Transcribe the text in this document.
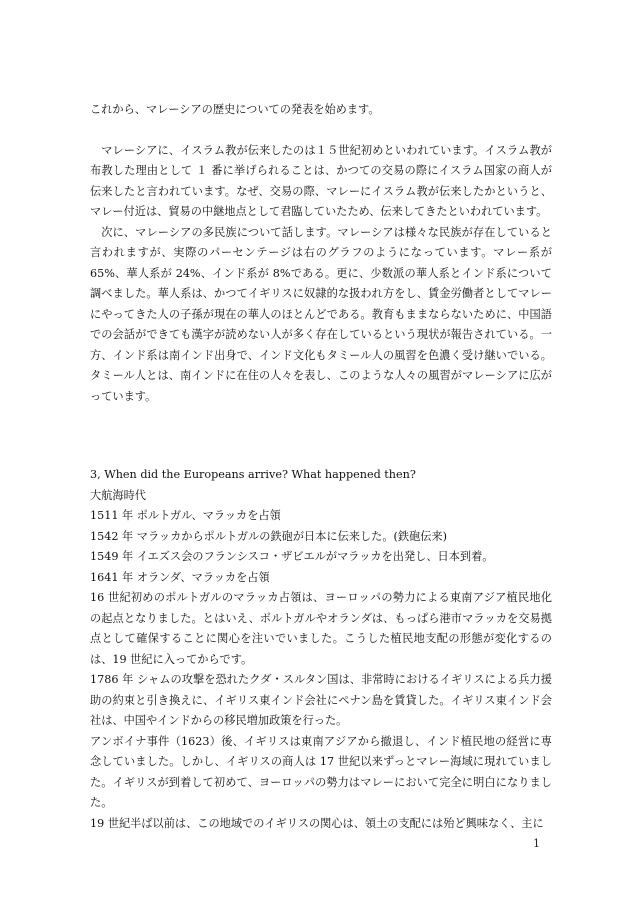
これから、マレーシアの歴史についての発表を始めます。

マレーシアに、イスラム教が伝来したのは１５世紀初めといわれています。イスラム教が布教した理由として １ 番に挙げられることは、かつての交易の際にイスラム国家の商人が伝来したと言われています。なぜ、交易の際、マレーにイスラム教が伝来したかというと、マレー付近は、貿易の中継地点として君臨していたため、伝来してきたといわれています。

次に、マレーシアの多民族について話します。マレーシアは様々な民族が存在していると言われますが、実際のパーセンテージは右のグラフのようになっています。マレー系が 65%、華人系が 24%、インド系が 8%である。更に、少数派の華人系とインド系について調べました。華人系は、かつてイギリスに奴隷的な扱われ方をし、賃金労働者としてマレーにやってきた人の子孫が現在の華人のほとんどである。教育もままならないために、中国語での会話ができても漢字が読めない人が多く存在しているという現状が報告されている。一方、インド系は南インド出身で、インド文化もタミール人の風習を色濃く受け継いでいる。タミール人とは、南インドに在住の人々を表し、このような人々の風習がマレーシアに広がっています。

3, When did the Europeans arrive? What happened then?

大航海時代

1511 年 ポルトガル、マラッカを占領

1542 年 マラッカからポルトガルの鉄砲が日本に伝来した。(鉄砲伝来)

1549 年 イエズス会のフランシスコ・ザビエルがマラッカを出発し、日本到着。

1641 年 オランダ、マラッカを占領

16 世紀初めのポルトガルのマラッカ占領は、ヨーロッパの勢力による東南アジア植民地化の起点となりました。とはいえ、ポルトガルやオランダは、もっぱら港市マラッカを交易拠点として確保することに関心を注いでいました。こうした植民地支配の形態が変化するのは、19 世紀に入ってからです。

1786 年 シャムの攻撃を恐れたクダ・スルタン国は、非常時におけるイギリスによる兵力援助の約束と引き換えに、イギリス東インド会社にペナン島を賃貸した。イギリス東インド会社は、中国やインドからの移民増加政策を行った。

アンボイナ事件（1623）後、イギリスは東南アジアから撤退し、インド植民地の経営に専念していました。しかし、イギリスの商人は 17 世紀以来ずっとマレー海域に現れていました。イギリスが到着して初めて、ヨーロッパの勢力はマレーにおいて完全に明白になりました。

19 世紀半ば以前は、この地域でのイギリスの関心は、領土の支配には殆ど興味なく、主に

1
